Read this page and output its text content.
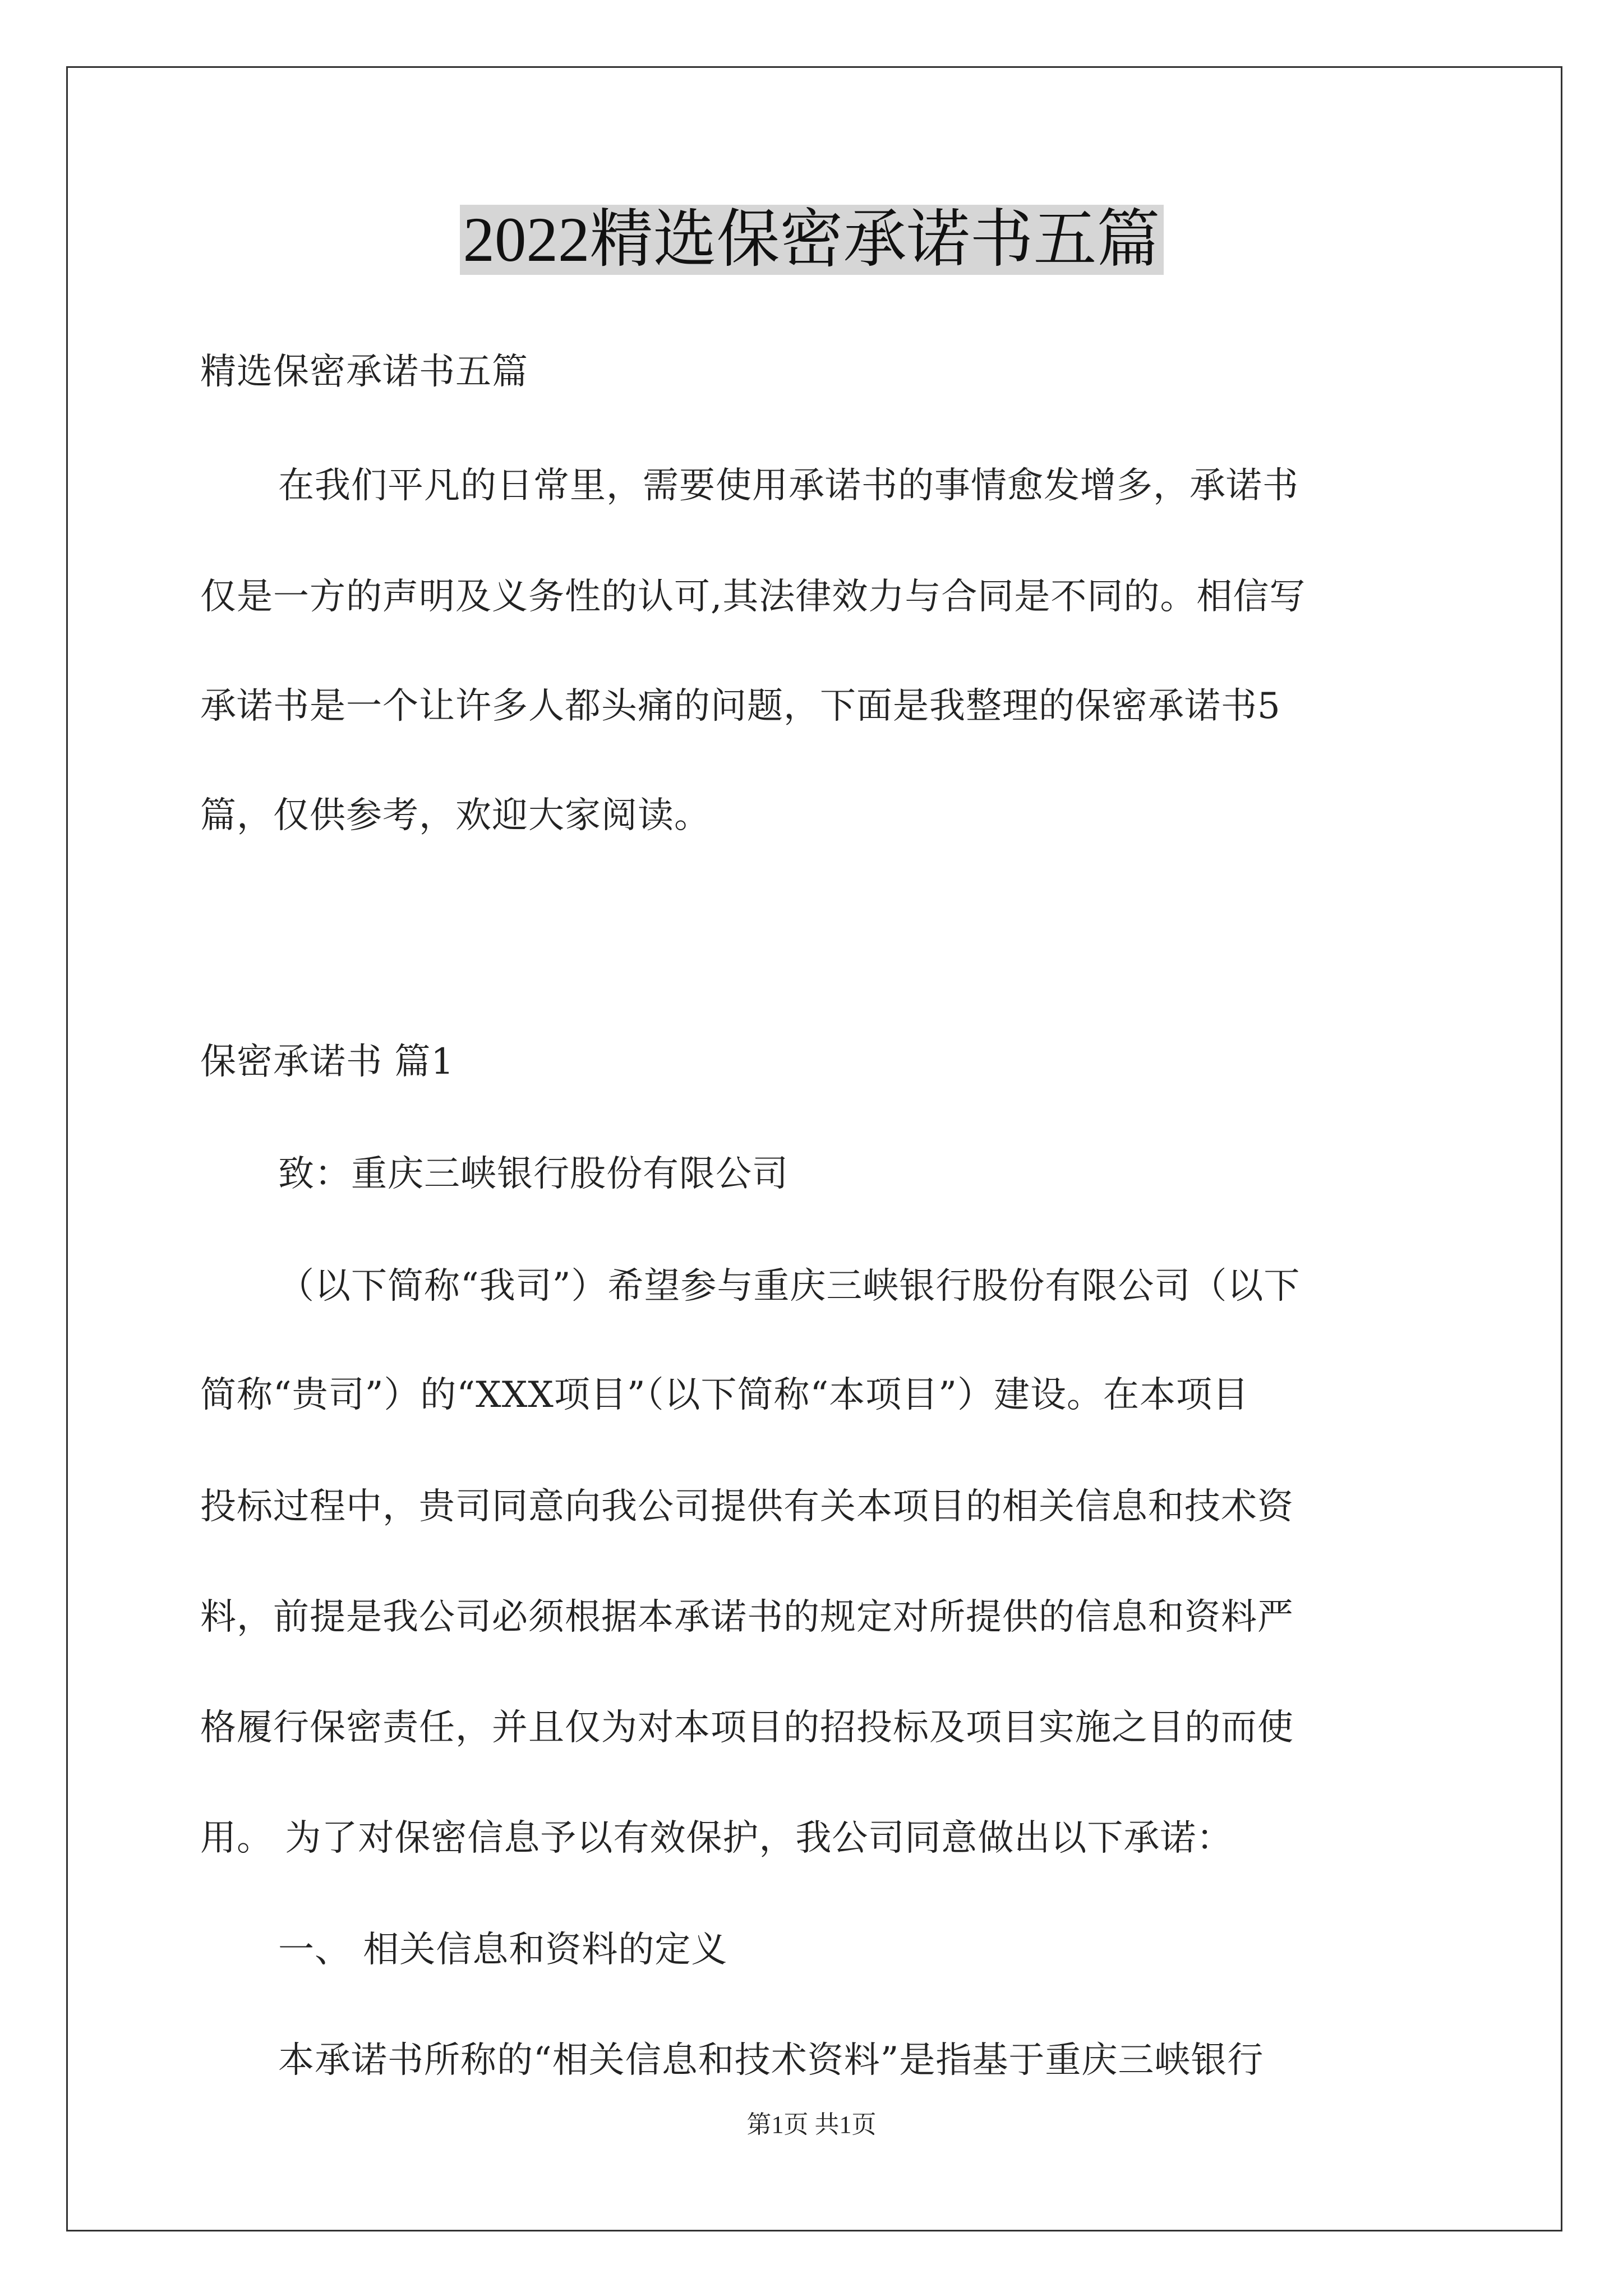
2022精选保密承诺书五篇
精选保密承诺书五篇
在我们平凡的日常里，需要使用承诺书的事情愈发增多，承诺书
仅是一方的声明及义务性的认可,其法律效力与合同是不同的。相信写
承诺书是一个让许多人都头痛的问题，下面是我整理的保密承诺书5
篇，仅供参考，欢迎大家阅读。
保密承诺书 篇1
致：重庆三峡银行股份有限公司
（以下简称“我司”）希望参与重庆三峡银行股份有限公司（以下
简称“贵司”）的“XXX项目”（以下简称“本项目”）建设。在本项目
投标过程中，贵司同意向我公司提供有关本项目的相关信息和技术资
料，前提是我公司必须根据本承诺书的规定对所提供的信息和资料严
格履行保密责任，并且仅为对本项目的招投标及项目实施之目的而使
用。 为了对保密信息予以有效保护，我公司同意做出以下承诺：
一、 相关信息和资料的定义
本承诺书所称的“相关信息和技术资料”是指基于重庆三峡银行
第1页 共1页
